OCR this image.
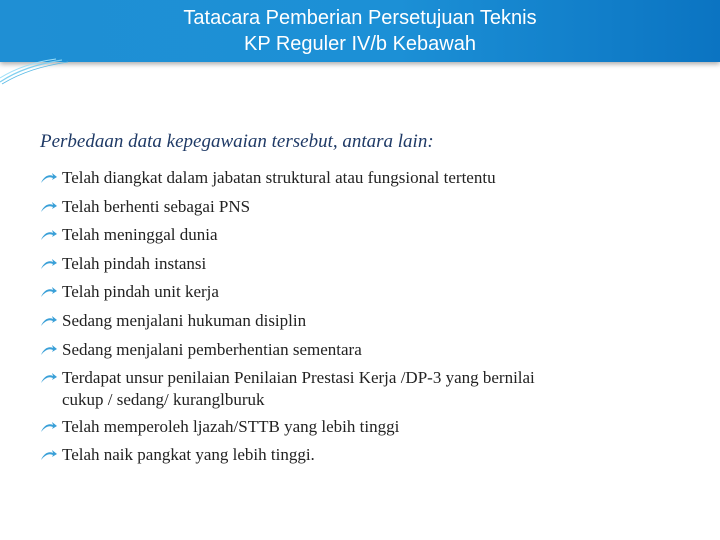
Tatacara Pemberian Persetujuan Teknis
KP Reguler IV/b Kebawah
Perbedaan data kepegawaian tersebut, antara lain:
Telah diangkat dalam jabatan struktural atau fungsional tertentu
Telah berhenti sebagai PNS
Telah meninggal dunia
Telah pindah instansi
Telah pindah unit kerja
Sedang menjalani hukuman disiplin
Sedang menjalani pemberhentian sementara
Terdapat unsur penilaian Penilaian Prestasi Kerja /DP-3 yang bernilai
cukup / sedang/ kuranglburuk
Telah memperoleh ljazah/STTB yang lebih tinggi
Telah naik pangkat yang lebih tinggi.
